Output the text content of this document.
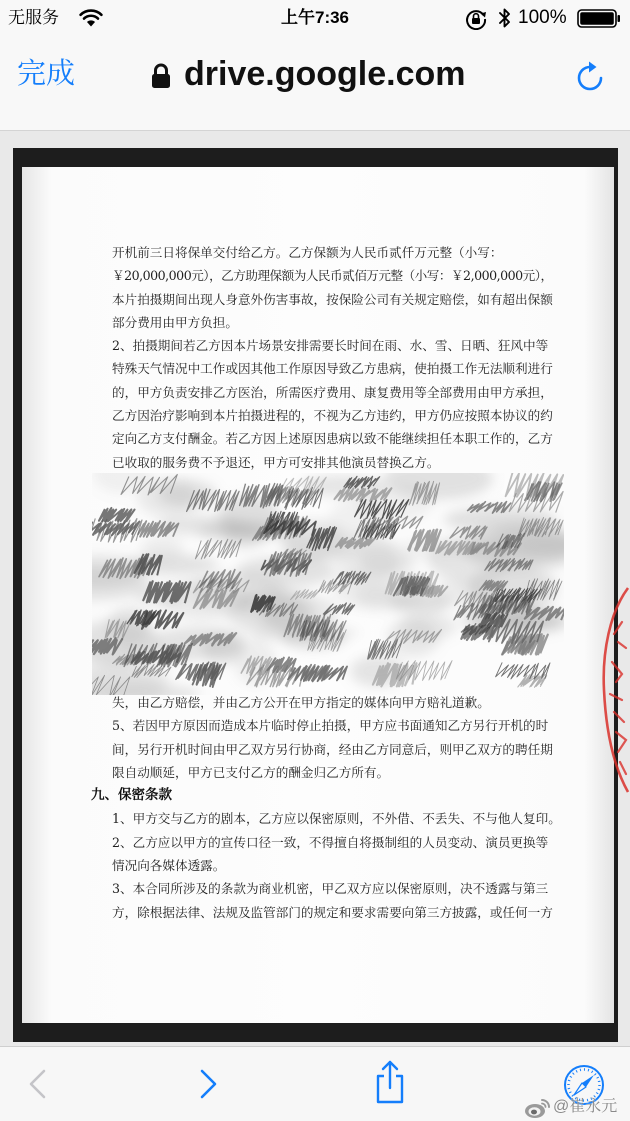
无服务	上午7:36	100%
完成	drive.google.com
开机前三日将保单交付给乙方。乙方保额为人民币贰仟万元整（小写：
￥20,000,000元），乙方助理保额为人民币贰佰万元整（小写：￥2,000,000元），
本片拍摄期间出现人身意外伤害事故，按保险公司有关规定赔偿，如有超出保额
部分费用由甲方负担。
2、拍摄期间若乙方因本片场景安排需要长时间在雨、水、雪、日晒、狂风中等
特殊天气情况中工作或因其他工作原因导致乙方患病，使拍摄工作无法顺利进行
的，甲方负责安排乙方医治，所需医疗费用、康复费用等全部费用由甲方承担，
乙方因治疗影响到本片拍摄进程的，不视为乙方违约，甲方仍应按照本协议的约
定向乙方支付酬金。若乙方因上述原因患病以致不能继续担任本职工作的，乙方
已收取的服务费不予退还，甲方可安排其他演员替换乙方。
失，由乙方赔偿，并由乙方公开在甲方指定的媒体向甲方赔礼道歉。
5、若因甲方原因而造成本片临时停止拍摄，甲方应书面通知乙方另行开机的时
间，另行开机时间由甲乙双方另行协商，经由乙方同意后，则甲乙双方的聘任期
限自动顺延，甲方已支付乙方的酬金归乙方所有。
九、保密条款
1、甲方交与乙方的剧本，乙方应以保密原则，不外借、不丢失、不与他人复印。
2、乙方应以甲方的宣传口径一致，不得擅自将摄制组的人员变动、演员更换等
情况向各媒体透露。
3、本合同所涉及的条款为商业机密，甲乙双方应以保密原则，决不透露与第三
方，除根据法律、法规及监管部门的规定和要求需要向第三方披露，或任何一方
@崔永元
